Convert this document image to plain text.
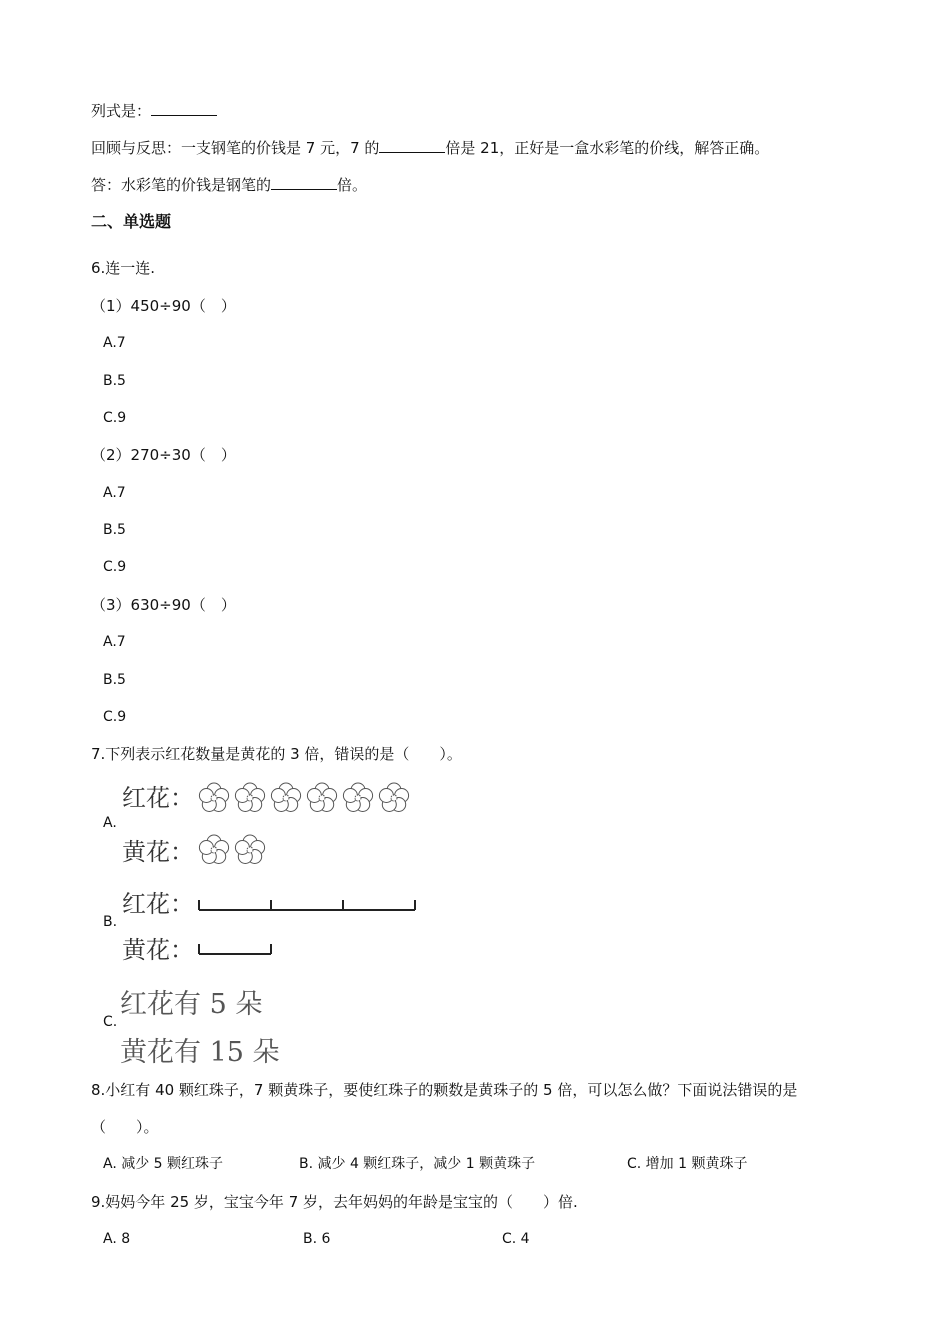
列式是：
回顾与反思：一支钢笔的价钱是 7 元，7 的	倍是 21，正好是一盒水彩笔的价线，解答正确。
答：水彩笔的价钱是钢笔的	倍。
二、单选题
6.连一连.
（1）450÷90（　）
A.7
B.5
C.9
（2）270÷30（　）
A.7
B.5
C.9
（3）630÷90（　）
A.7
B.5
C.9
7.下列表示红花数量是黄花的 3 倍，错误的是（　　）。
A.
红花：
黄花：
B.
红花：
黄花：
C.
红花有 5 朵
黄花有 15 朵
8.小红有 40 颗红珠子，7 颗黄珠子，要使红珠子的颗数是黄珠子的 5 倍，可以怎么做？下面说法错误的是
（　　）。
A. 减少 5 颗红珠子	B. 减少 4 颗红珠子，减少 1 颗黄珠子	C. 增加 1 颗黄珠子
9.妈妈今年 25 岁，宝宝今年 7 岁，去年妈妈的年龄是宝宝的（　　）倍.
A. 8	B. 6	C. 4
